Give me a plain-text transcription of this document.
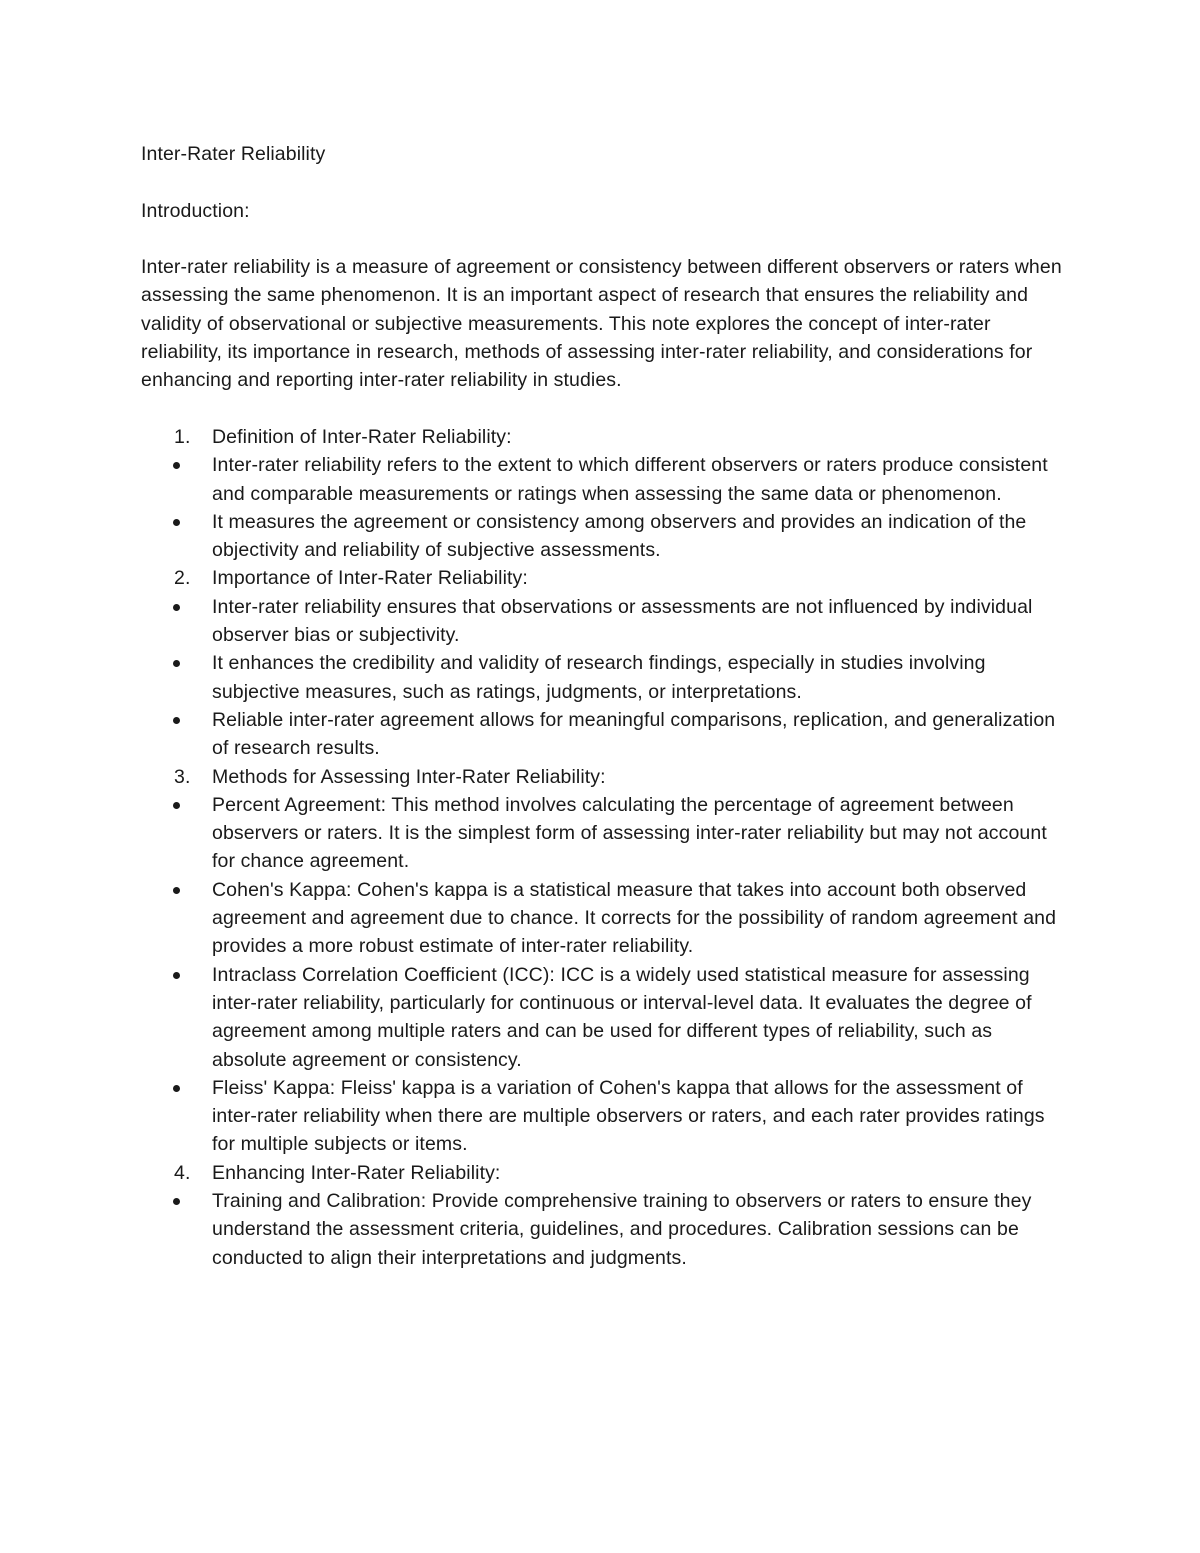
Inter-Rater Reliability
Introduction:
Inter-rater reliability is a measure of agreement or consistency between different observers or raters when assessing the same phenomenon. It is an important aspect of research that ensures the reliability and validity of observational or subjective measurements. This note explores the concept of inter-rater reliability, its importance in research, methods of assessing inter-rater reliability, and considerations for enhancing and reporting inter-rater reliability in studies.
1.	Definition of Inter-Rater Reliability:
Inter-rater reliability refers to the extent to which different observers or raters produce consistent and comparable measurements or ratings when assessing the same data or phenomenon.
It measures the agreement or consistency among observers and provides an indication of the objectivity and reliability of subjective assessments.
2.	Importance of Inter-Rater Reliability:
Inter-rater reliability ensures that observations or assessments are not influenced by individual observer bias or subjectivity.
It enhances the credibility and validity of research findings, especially in studies involving subjective measures, such as ratings, judgments, or interpretations.
Reliable inter-rater agreement allows for meaningful comparisons, replication, and generalization of research results.
3.	Methods for Assessing Inter-Rater Reliability:
Percent Agreement: This method involves calculating the percentage of agreement between observers or raters. It is the simplest form of assessing inter-rater reliability but may not account for chance agreement.
Cohen's Kappa: Cohen's kappa is a statistical measure that takes into account both observed agreement and agreement due to chance. It corrects for the possibility of random agreement and provides a more robust estimate of inter-rater reliability.
Intraclass Correlation Coefficient (ICC): ICC is a widely used statistical measure for assessing inter-rater reliability, particularly for continuous or interval-level data. It evaluates the degree of agreement among multiple raters and can be used for different types of reliability, such as absolute agreement or consistency.
Fleiss' Kappa: Fleiss' kappa is a variation of Cohen's kappa that allows for the assessment of inter-rater reliability when there are multiple observers or raters, and each rater provides ratings for multiple subjects or items.
4.	Enhancing Inter-Rater Reliability:
Training and Calibration: Provide comprehensive training to observers or raters to ensure they understand the assessment criteria, guidelines, and procedures. Calibration sessions can be conducted to align their interpretations and judgments.
